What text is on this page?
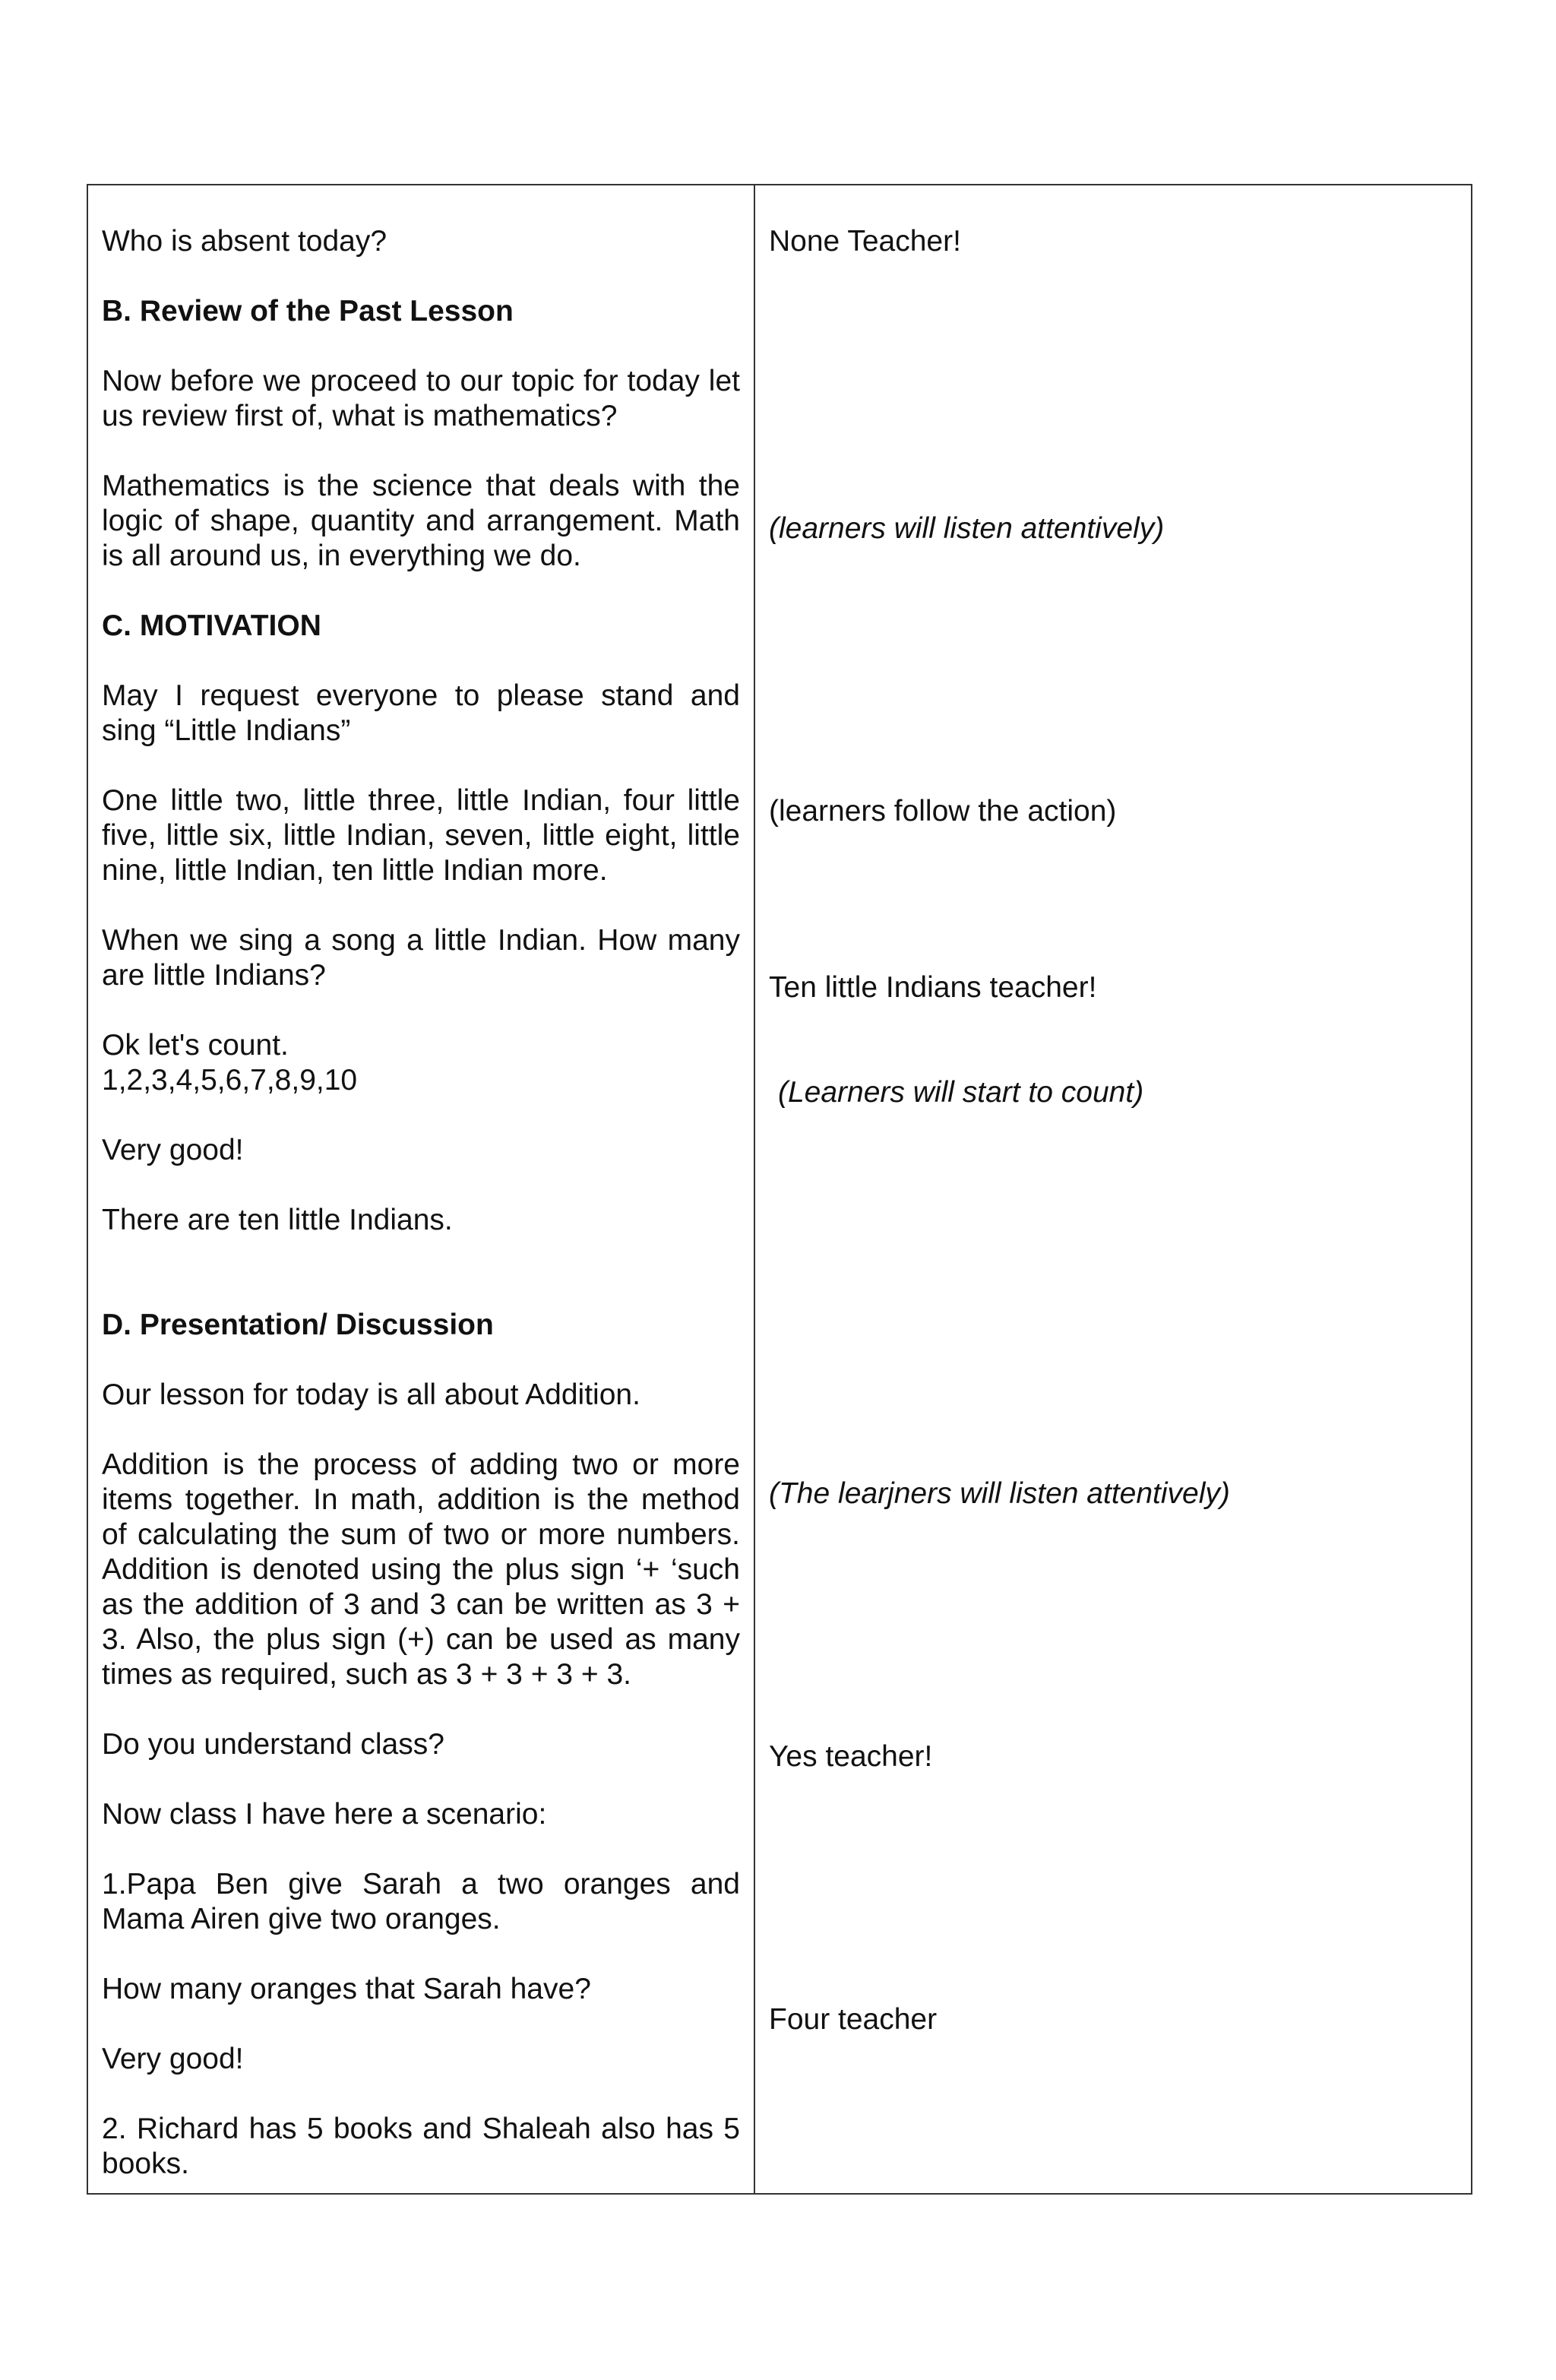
Who is absent today?

B. Review of the Past Lesson

Now before we proceed to our topic for today let us review first of, what is mathematics?

Mathematics is the science that deals with the logic of shape, quantity and arrangement. Math is all around us, in everything we do.

C. MOTIVATION

May I request everyone to please stand and sing “Little Indians”

One little two, little three, little Indian, four little five, little six, little Indian, seven, little eight, little nine, little Indian, ten little Indian more.

When we sing a song a little Indian. How many are little Indians?

Ok let's count.

1,2,3,4,5,6,7,8,9,10

Very good!

There are ten little Indians.

D. Presentation/ Discussion

Our lesson for today is all about Addition.

Addition is the process of adding two or more items together. In math, addition is the method of calculating the sum of two or more numbers. Addition is denoted using the plus sign ‘+ ‘such as the addition of 3 and 3 can be written as 3 + 3. Also, the plus sign (+) can be used as many times as required, such as 3 + 3 + 3 + 3.

Do you understand class?

Now class I have here a scenario:

1.Papa Ben give Sarah a two oranges and Mama Airen give two oranges.

How many oranges that Sarah have?

Very good!

2. Richard has 5 books and Shaleah also has 5 books.

None Teacher!

(learners will listen attentively)

(learners follow the action)

Ten little Indians teacher!

(Learners will start to count)

(The learjners will listen attentively)

Yes teacher!

Four teacher
